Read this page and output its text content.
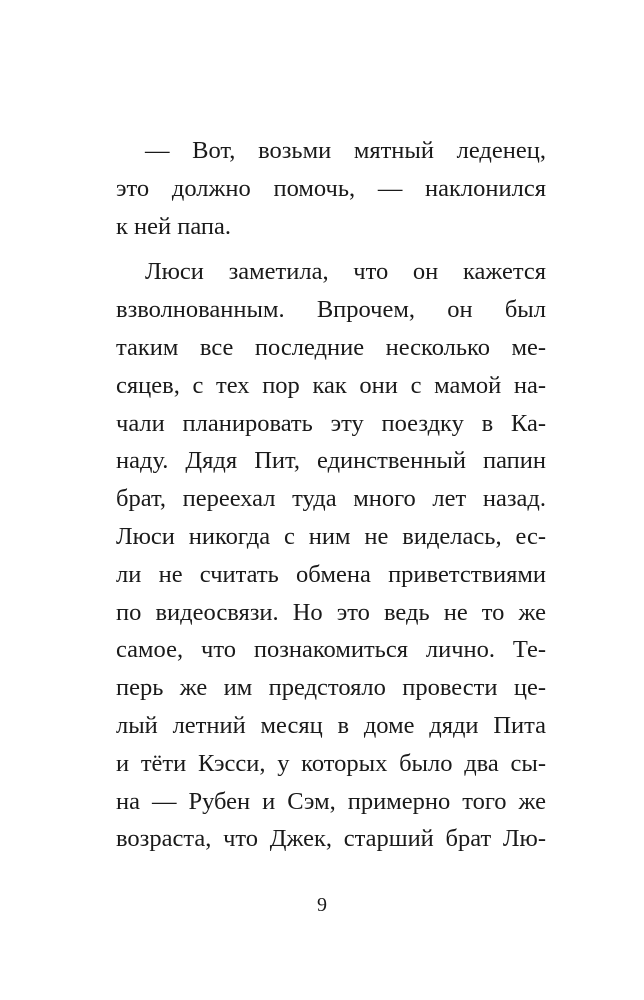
— Вот, возьми мятный леденец,
это должно помочь, — наклонился
к ней папа.
Люси заметила, что он кажется
взволнованным. Впрочем, он был
таким все последние несколько ме-
сяцев, с тех пор как они с мамой на-
чали планировать эту поездку в Ка-
наду. Дядя Пит, единственный папин
брат, переехал туда много лет назад.
Люси никогда с ним не виделась, ес-
ли не считать обмена приветствиями
по видеосвязи. Но это ведь не то же
самое, что познакомиться лично. Те-
перь же им предстояло провести це-
лый летний месяц в доме дяди Пита
и тёти Кэсси, у которых было два сы-
на — Рубен и Сэм, примерно того же
возраста, что Джек, старший брат Лю-
9
